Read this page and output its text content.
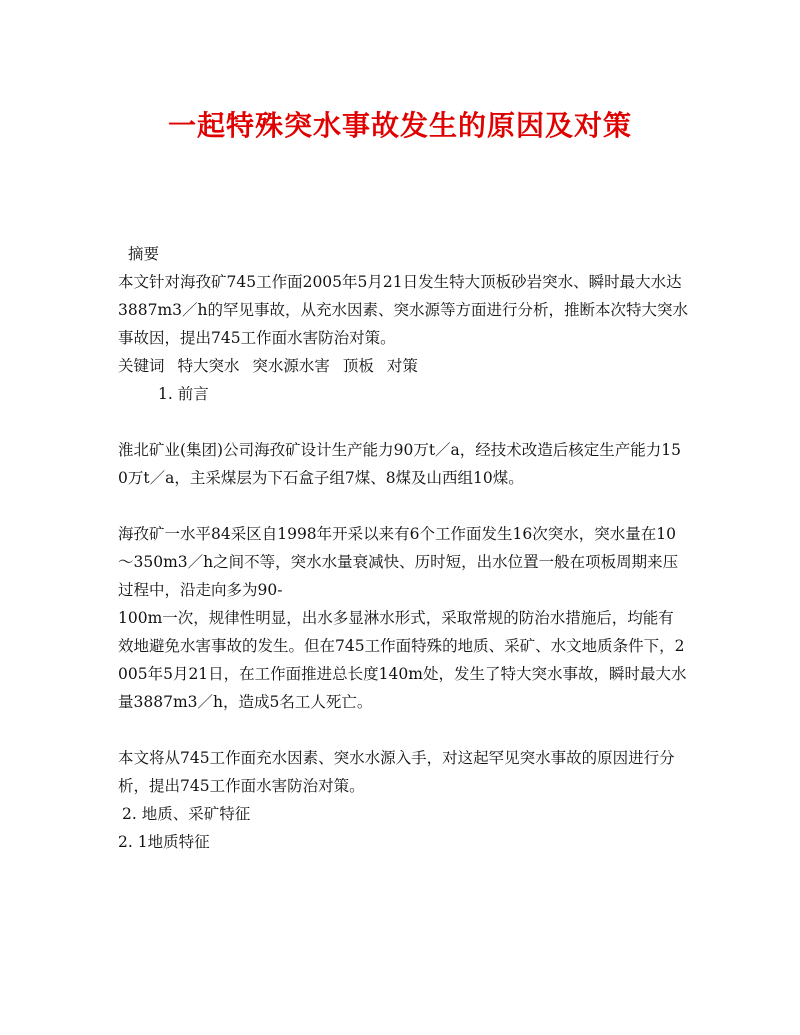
一起特殊突水事故发生的原因及对策

摘要

本文针对海孜矿745工作面2005年5月21日发生特大顶板砂岩突水、瞬时最大水达3887m3／h的罕见事故，从充水因素、突水源等方面进行分析，推断本次特大突水事故因，提出745工作面水害防治对策。

关键词 特大突水 突水源水害 顶板 对策

1. 前言

淮北矿业(集团)公司海孜矿设计生产能力90万t／a，经技术改造后核定生产能力150万t／a，主采煤层为下石盒子组7煤、8煤及山西组10煤。

海孜矿一水平84采区自1998年开采以来有6个工作面发生16次突水，突水量在10～350m3／h之间不等，突水水量衰减快、历时短，出水位置一般在项板周期来压过程中，沿走向多为90-

100m一次，规律性明显，出水多显淋水形式，采取常规的防治水措施后，均能有效地避免水害事故的发生。但在745工作面特殊的地质、采矿、水文地质条件下，2005年5月21日，在工作面推进总长度140m处，发生了特大突水事故，瞬时最大水量3887m3／h，造成5名工人死亡。

本文将从745工作面充水因素、突水水源入手，对这起罕见突水事故的原因进行分析，提出745工作面水害防治对策。

2. 地质、采矿特征

2. 1地质特征
